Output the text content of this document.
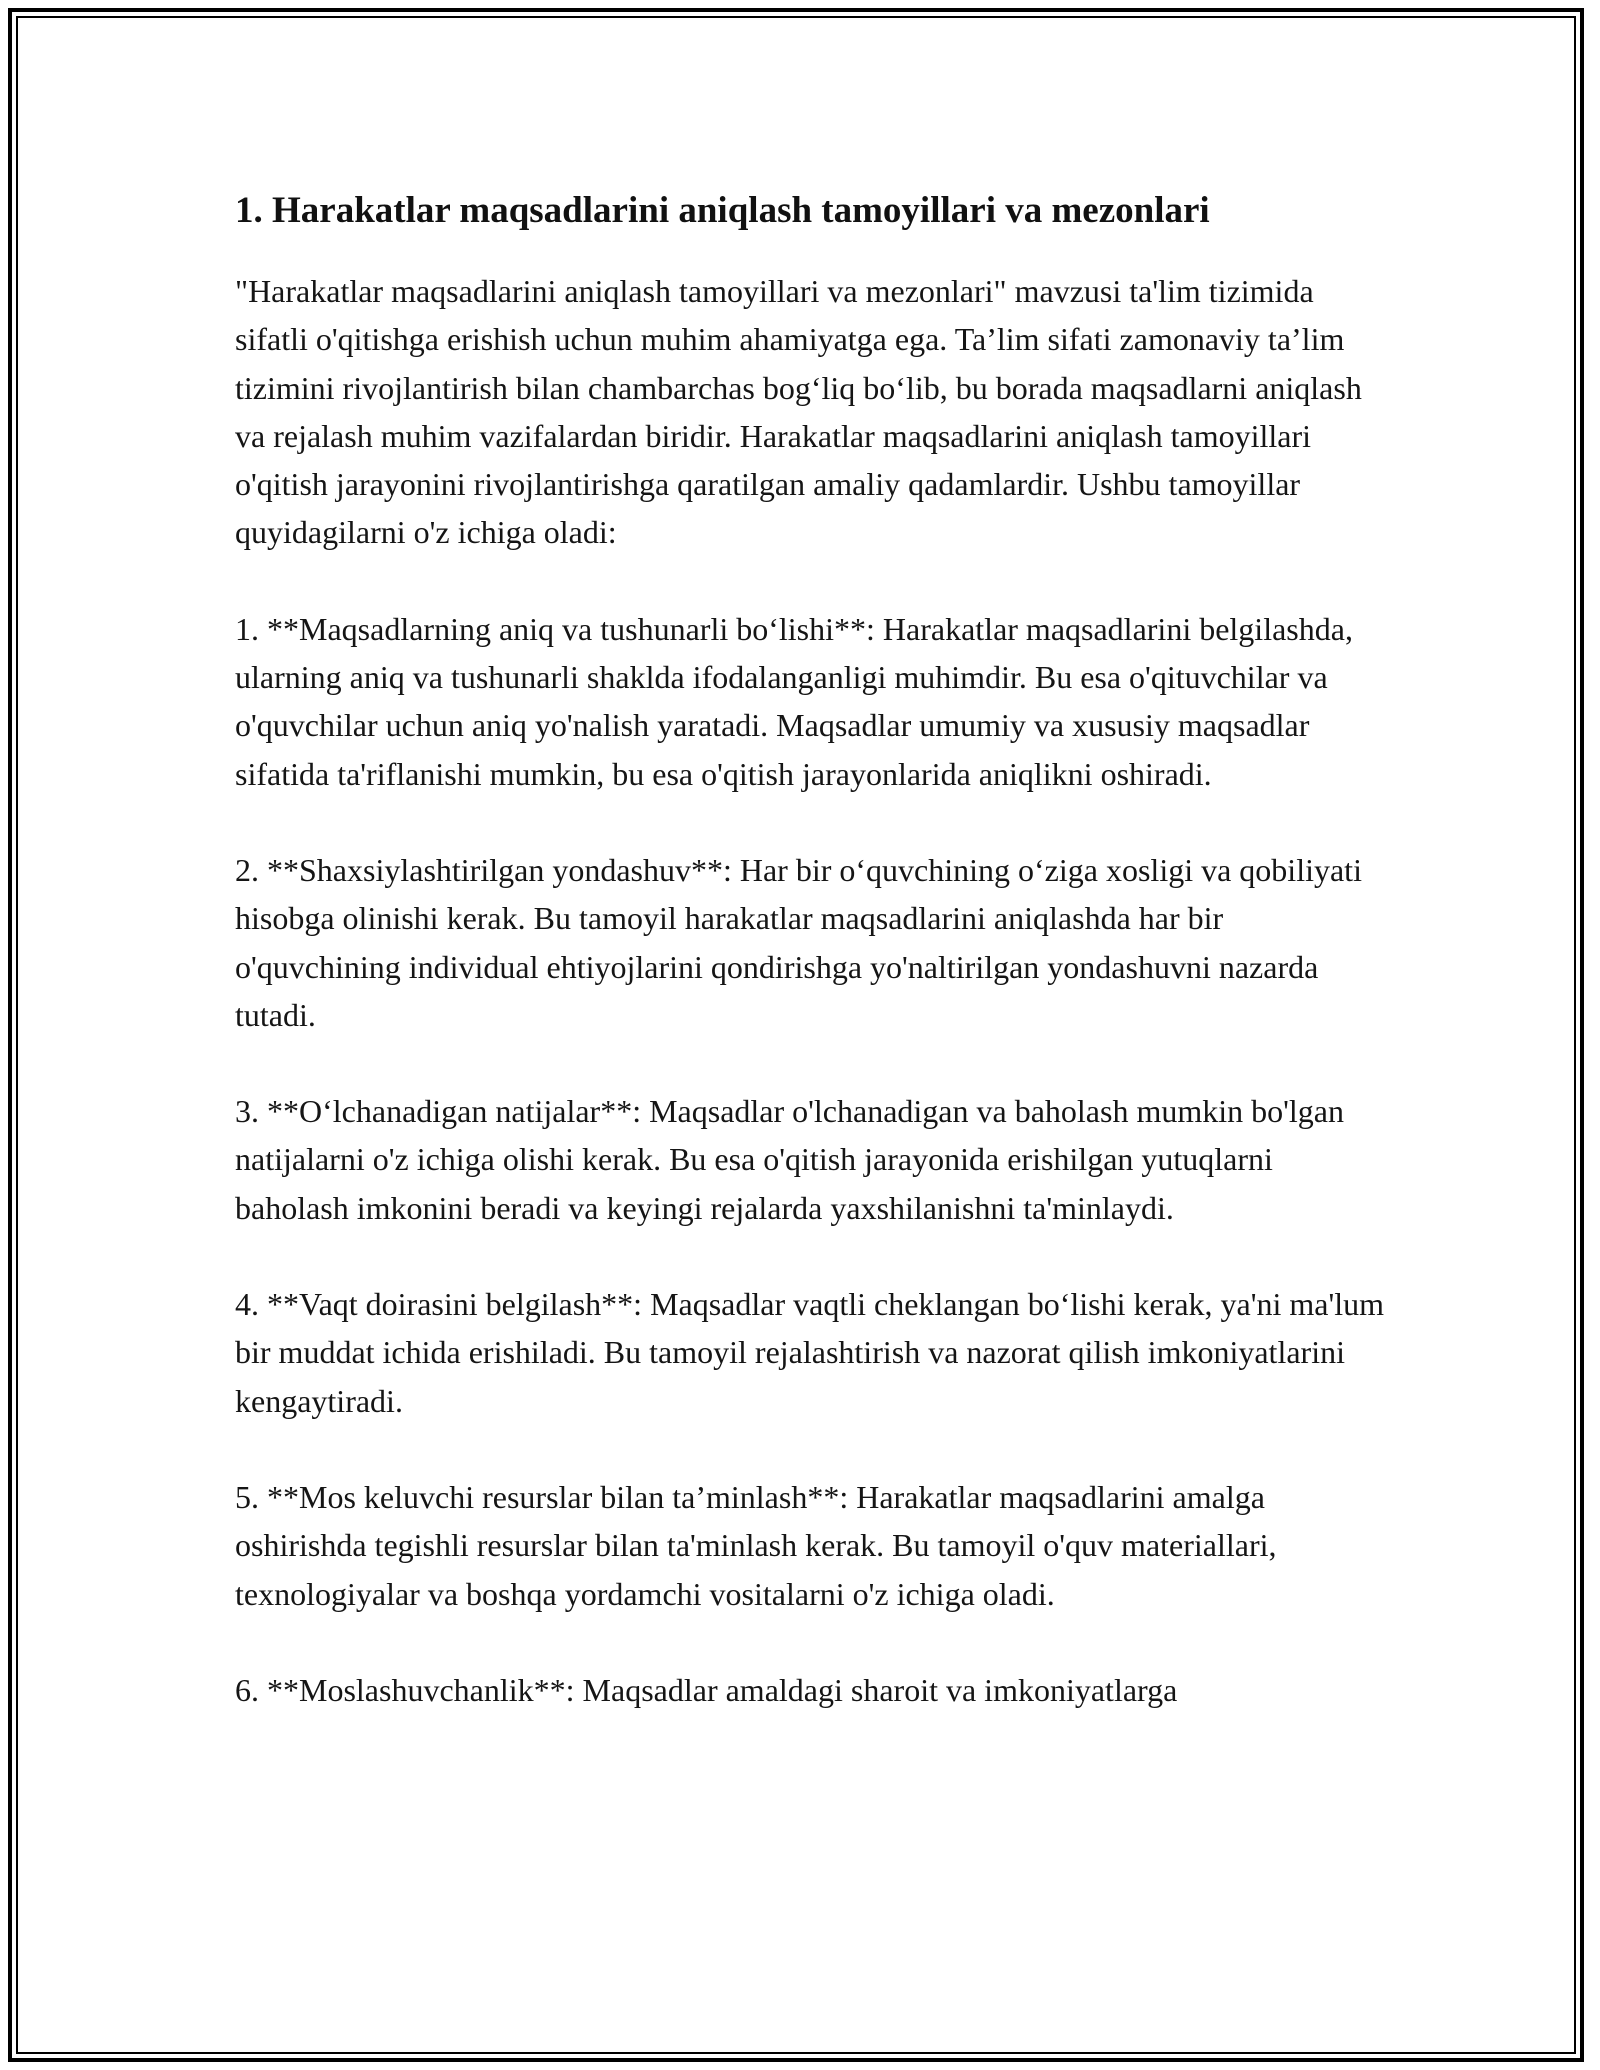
1. Harakatlar maqsadlarini aniqlash tamoyillari va mezonlari

"Harakatlar maqsadlarini aniqlash tamoyillari va mezonlari" mavzusi ta'lim tizimida sifatli o'qitishga erishish uchun muhim ahamiyatga ega. Ta’lim sifati zamonaviy ta’lim tizimini rivojlantirish bilan chambarchas bog‘liq bo‘lib, bu borada maqsadlarni aniqlash va rejalash muhim vazifalardan biridir. Harakatlar maqsadlarini aniqlash tamoyillari o'qitish jarayonini rivojlantirishga qaratilgan amaliy qadamlardir. Ushbu tamoyillar quyidagilarni o'z ichiga oladi:

1. **Maqsadlarning aniq va tushunarli bo‘lishi**: Harakatlar maqsadlarini belgilashda, ularning aniq va tushunarli shaklda ifodalanganligi muhimdir. Bu esa o'qituvchilar va o'quvchilar uchun aniq yo'nalish yaratadi. Maqsadlar umumiy va xususiy maqsadlar sifatida ta'riflanishi mumkin, bu esa o'qitish jarayonlarida aniqlikni oshiradi.

2. **Shaxsiylashtirilgan yondashuv**: Har bir o‘quvchining o‘ziga xosligi va qobiliyati hisobga olinishi kerak. Bu tamoyil harakatlar maqsadlarini aniqlashda har bir o'quvchining individual ehtiyojlarini qondirishga yo'naltirilgan yondashuvni nazarda tutadi.

3. **O‘lchanadigan natijalar**: Maqsadlar o'lchanadigan va baholash mumkin bo'lgan natijalarni o'z ichiga olishi kerak. Bu esa o'qitish jarayonida erishilgan yutuqlarni baholash imkonini beradi va keyingi rejalarda yaxshilanishni ta'minlaydi.

4. **Vaqt doirasini belgilash**: Maqsadlar vaqtli cheklangan bo‘lishi kerak, ya'ni ma'lum bir muddat ichida erishiladi. Bu tamoyil rejalashtirish va nazorat qilish imkoniyatlarini kengaytiradi.

5. **Mos keluvchi resurslar bilan ta’minlash**: Harakatlar maqsadlarini amalga oshirishda tegishli resurslar bilan ta'minlash kerak. Bu tamoyil o'quv materiallari, texnologiyalar va boshqa yordamchi vositalarni o'z ichiga oladi.

6. **Moslashuvchanlik**: Maqsadlar amaldagi sharoit va imkoniyatlarga
